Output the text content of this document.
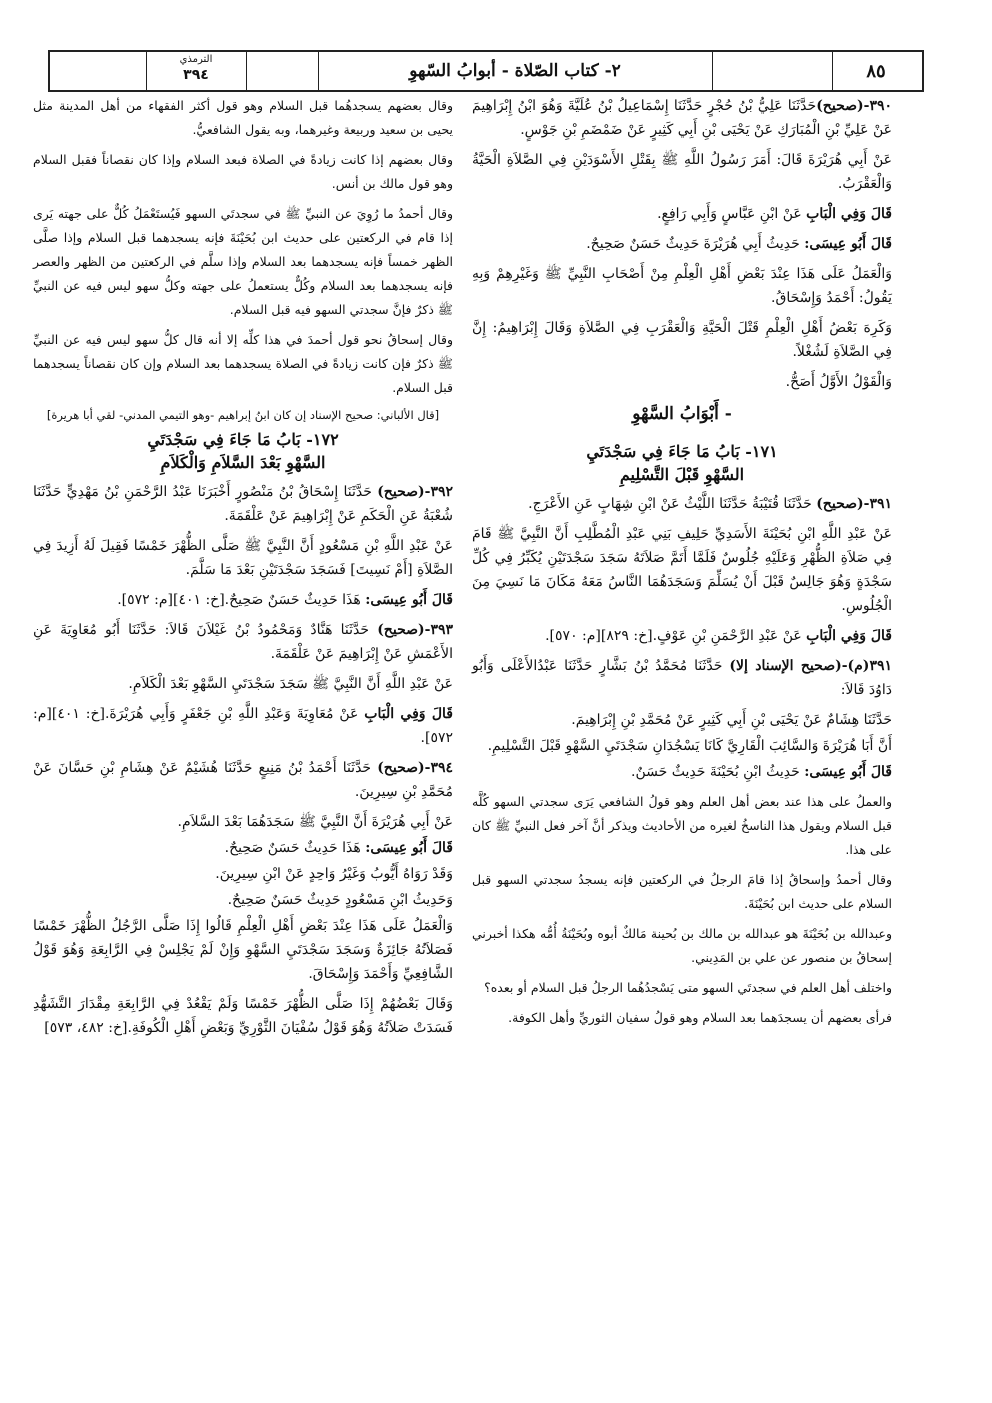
٨٥
٢- كتاب الصّلاة - أبوابُ السّهوِ
الترمذي
٣٩٤

٣٩٠-(صحيح)حَدَّثَنَا عَلِيُّ بْنُ حُجْرٍ حَدَّثَنَا إِسْمَاعِيلُ بْنُ عُلَيَّةَ وَهُوَ ابْنُ إِبْرَاهِيمَ عَنْ عَلِيِّ بْنِ الْمُبَارَكِ عَنْ يَحْيَى بْنِ أَبِي كَثِيرٍ عَنْ ضَمْضَمِ بْنِ جَوْسٍ.

عَنْ أَبِي هُرَيْرَةَ قَالَ: أَمَرَ رَسُولُ اللَّهِ ﷺ بِقَتْلِ الأَسْوَدَيْنِ فِي الصَّلاَةِ الْحَيَّةُ وَالْعَقْرَبُ.

قَالَ وَفِي الْبَابِ عَنْ ابْنِ عَبَّاسٍ وَأَبِي رَافِعٍ.

قَالَ أَبُو عِيسَى: حَدِيثُ أَبِي هُرَيْرَةَ حَدِيثٌ حَسَنٌ صَحِيحٌ.

وَالْعَمَلُ عَلَى هَذَا عِنْدَ بَعْضِ أَهْلِ الْعِلْمِ مِنْ أَصْحَابِ النَّبِيِّ ﷺ وَغَيْرِهِمْ وَبِهِ يَقُولُ: أَحْمَدُ وَإِسْحَاقُ.

وَكَرِهَ بَعْضُ أَهْلِ الْعِلْمِ قَتْلَ الْحَيَّةِ وَالْعَقْرَبِ فِي الصَّلاَةِ وَقَالَ إِبْرَاهِيمُ: إِنَّ فِي الصَّلاَةِ لَشُغْلاً.

وَالْقَوْلُ الأَوَّلُ أَصَحُّ.

- أَبْوَابُ السَّهْوِ
١٧١- بَابُ مَا جَاءَ فِي سَجْدَتَيِ
السَّهْوِ قَبْلَ التَّسْلِيمِ

٣٩١-(صحيح) حَدَّثَنَا قُتَيْبَةُ حَدَّثَنَا اللَّيْثُ عَنْ ابْنِ شِهَابٍ عَنِ الأَعْرَجِ.

عَنْ عَبْدِ اللَّهِ ابْنِ بُحَيْنَةَ الأَسَدِيِّ حَلِيفِ بَنِي عَبْدِ الْمُطَّلِبِ أَنَّ النَّبِيَّ ﷺ قَامَ فِي صَلاَةِ الظُّهْرِ وَعَلَيْهِ جُلُوسٌ فَلَمَّا أَتَمَّ صَلاَتَهُ سَجَدَ سَجْدَتَيْنِ يُكَبِّرُ فِي كُلِّ سَجْدَةٍ وَهُوَ جَالِسٌ قَبْلَ أَنْ يُسَلِّمَ وَسَجَدَهُمَا النَّاسُ مَعَهُ مَكَانَ مَا نَسِيَ مِنَ الْجُلُوسِ.

قَالَ وَفِي الْبَابِ عَنْ عَبْدِ الرَّحْمَنِ بْنِ عَوْفٍ.[خ: ٨٢٩][م: ٥٧٠].

٣٩١(م)-(صحيح الإسناد إلا) حَدَّثَنَا مُحَمَّدُ بْنُ بَشَّارٍ حَدَّثَنَا عَبْدُالأَعْلَى وَأَبُو دَاوُدَ قَالاَ:

حَدَّثَنَا هِشَامٌ عَنْ يَحْيَى بْنِ أَبِي كَثِيرٍ عَنْ مُحَمَّدِ بْنِ إِبْرَاهِيمَ.

أَنَّ أَبَا هُرَيْرَةَ وَالسَّائِبَ الْقَارِيَّ كَانَا يَسْجُدَانِ سَجْدَتَيِ السَّهْوِ قَبْلَ التَّسْلِيمِ.

قَالَ أَبُو عِيسَى: حَدِيثُ ابْنِ بُحَيْنَةَ حَدِيثٌ حَسَنٌ.

والعملُ على هذا عند بعض أهل العلم وهو قولُ الشافعي يَرَى سجدتي السهو كُلَّه قبل السلام ويقول هذا الناسخُ لغيره من الأحاديث ويذكر أنَّ آخر فعل النبيِّ ﷺ كان على هذا.

وقال أحمدُ وإسحاقُ إذا قامَ الرجلُ في الركعتين فإنه يسجدُ سجدتي السهو قبل السلام على حديث ابن بُحَيْنَةَ.

وعبدالله بن بُحَيْنَةَ هو عبدالله بن مالك بن بُحينة مَالكٌ أبوه وبُحَيْنَةُ أُمُّه هكذا أخبرني إسحاقُ بن منصور عن علي بن المَدِيني.

واختلف أهل العلم في سجدتَي السهو متى يَسْجدُهُما الرجلُ قبل السلام أو بعده؟

فرأى بعضهم أن يسجدَهما بعد السلام وهو قولُ سفيان الثوريِّ وأهل الكوفة.

وقال بعضهم يسجدهُما قبل السلام وهو قول أكثر الفقهاء من أهل المدينة مثل يحيى بن سعيد وربيعة وغيرهما، وبه يقول الشافعيُّ.

وقال بعضهم إذا كانت زيادةً في الصلاة فبعد السلام وإذا كان نقصاناً فقبل السلام وهو قول مالك بن أنس.

وقال أحمدُ ما رُوِيَ عن النبيِّ ﷺ في سجدتَي السهو فَيُستَعْمَلُ كُلٌّ على جهته يَرى إذا قام في الركعتين على حديث ابن بُحَيْنَةَ فإنه يسجدهما قبل السلام وإذا صلَّى الظهر خمساً فإنه يسجدهما بعد السلام وإذا سلَّم في الركعتين من الظهر والعصر فإنه يسجدهما بعد السلام وكُلٌّ يستعملُ على جهته وكلُّ سهو ليس فيه عن النبيِّ ﷺ ذكرٌ فإنَّ سجدتي السهو فيه قبل السلام.

وقال إسحاقُ نحو قول أحمدَ في هذا كلِّه إلا أنه قال كلُّ سهو ليس فيه عن النبيِّ ﷺ ذكرٌ فإن كانت زيادةً في الصلاة يسجدهما بعد السلام وإن كان نقصاناً يسجدهما قبل السلام.

[قال الألباني: صحيح الإسناد إن كان ابنُ إبراهيم -وهو التيمي المدني- لقي أبا هريرة]
١٧٢- بَابُ مَا جَاءَ فِي سَجْدَتَيِ
السَّهْوِ بَعْدَ السَّلاَمِ وَالْكَلاَمِ

٣٩٢-(صحيح) حَدَّثَنَا إِسْحَاقُ بْنُ مَنْصُورٍ أَخْبَرَنَا عَبْدُ الرَّحْمَنِ بْنُ مَهْدِيٍّ حَدَّثَنَا شُعْبَةُ عَنِ الْحَكَمِ عَنْ إِبْرَاهِيمَ عَنْ عَلْقَمَةَ.

عَنْ عَبْدِ اللَّهِ بْنِ مَسْعُودٍ أَنَّ النَّبِيَّ ﷺ صَلَّى الظُّهْرَ خَمْسًا فَقِيلَ لَهُ أَزِيدَ فِي الصَّلاَةِ [أَمْ نَسِيتَ] فَسَجَدَ سَجْدَتَيْنِ بَعْدَ مَا سَلَّمَ.

قَالَ أَبُو عِيسَى: هَذَا حَدِيثٌ حَسَنٌ صَحِيحٌ.[خ: ٤٠١][م: ٥٧٢].

٣٩٣-(صحيح) حَدَّثَنَا هَنَّادٌ وَمَحْمُودُ بْنُ غَيْلاَنَ قَالاَ: حَدَّثَنَا أَبُو مُعَاوِيَةَ عَنِ الأَعْمَشِ عَنْ إِبْرَاهِيمَ عَنْ عَلْقَمَةَ.

عَنْ عَبْدِ اللَّهِ أَنَّ النَّبِيَّ ﷺ سَجَدَ سَجْدَتَيِ السَّهْوِ بَعْدَ الْكَلاَمِ.

قَالَ وَفِي الْبَابِ عَنْ مُعَاوِيَةَ وَعَبْدِ اللَّهِ بْنِ جَعْفَرٍ وَأَبِي هُرَيْرَةَ.[خ: ٤٠١][م: ٥٧٢].

٣٩٤-(صحيح) حَدَّثَنَا أَحْمَدُ بْنُ مَنِيعٍ حَدَّثَنَا هُشَيْمٌ عَنْ هِشَامِ بْنِ حَسَّانَ عَنْ مُحَمَّدِ بْنِ سِيرِينَ.

عَنْ أَبِي هُرَيْرَةَ أَنَّ النَّبِيَّ ﷺ سَجَدَهُمَا بَعْدَ السَّلاَمِ.

قَالَ أَبُو عِيسَى: هَذَا حَدِيثٌ حَسَنٌ صَحِيحٌ.

وَقَدْ رَوَاهُ أَيُّوبُ وَغَيْرُ وَاحِدٍ عَنْ ابْنِ سِيرِينَ.

وَحَدِيثُ ابْنِ مَسْعُودٍ حَدِيثٌ حَسَنٌ صَحِيحٌ.

وَالْعَمَلُ عَلَى هَذَا عِنْدَ بَعْضِ أَهْلِ الْعِلْمِ قَالُوا إِذَا صَلَّى الرَّجُلُ الظُّهْرَ خَمْسًا فَصَلاَتُهُ جَائِزَةٌ وَسَجَدَ سَجْدَتَيِ السَّهْوِ وَإِنْ لَمْ يَجْلِسْ فِي الرَّابِعَةِ وَهُوَ قَوْلُ الشَّافِعِيِّ وَأَحْمَدَ وَإِسْحَاقَ.

وَقَالَ بَعْضُهُمْ إِذَا صَلَّى الظُّهْرَ خَمْسًا وَلَمْ يَقْعُدْ فِي الرَّابِعَةِ مِقْدَارَ التَّشَهُّدِ فَسَدَتْ صَلاَتُهُ وَهُوَ قَوْلُ سُفْيَانَ الثَّوْرِيِّ وَبَعْضِ أَهْلِ الْكُوفَةِ.[خ: ٤٨٢، ٥٧٣]
